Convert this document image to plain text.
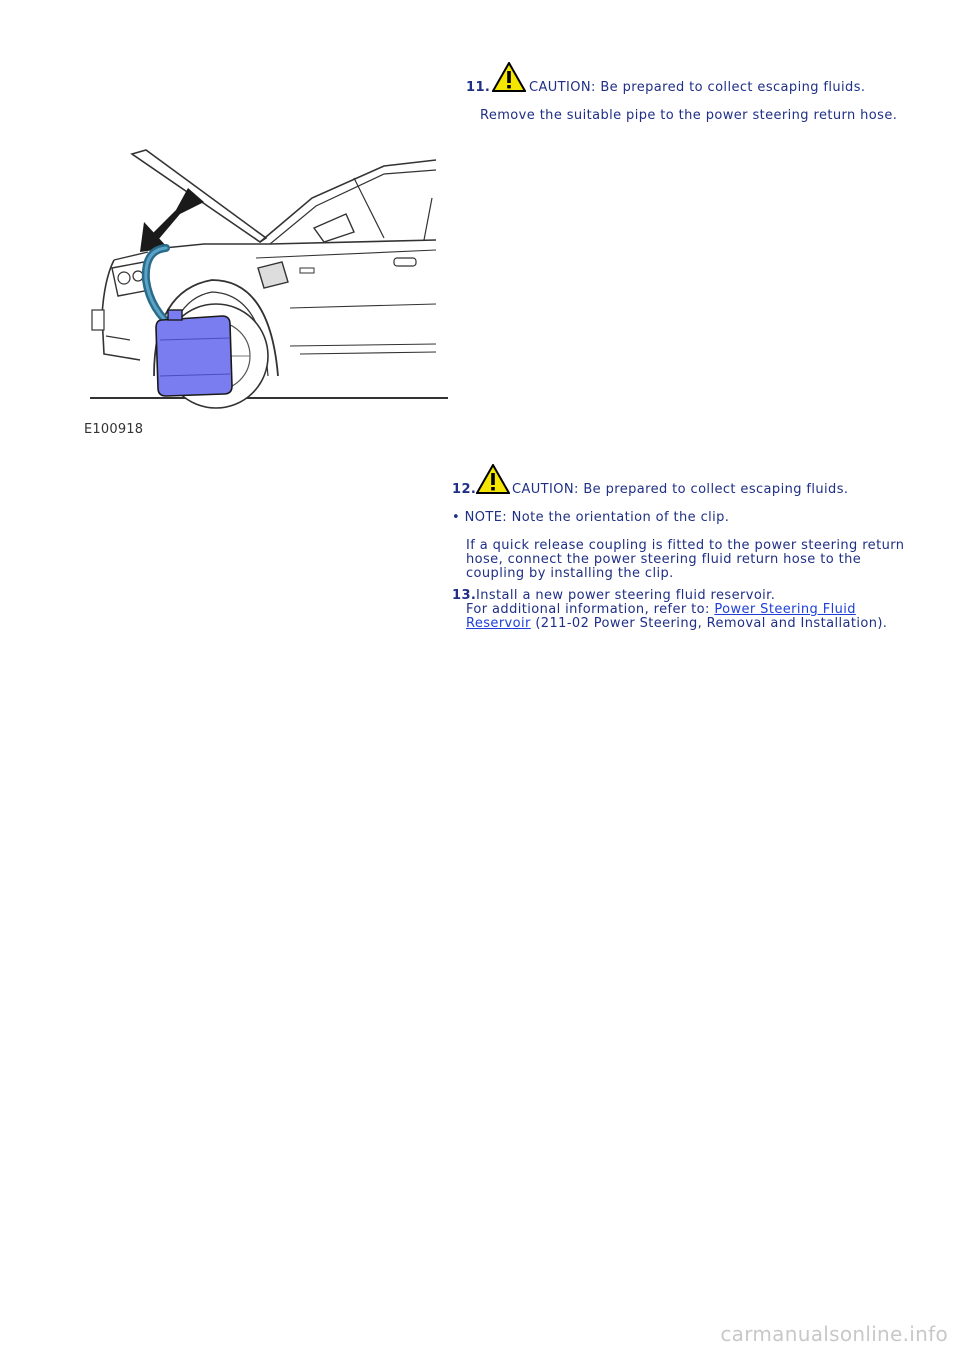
11.	CAUTION: Be prepared to collect escaping fluids.
Remove the suitable pipe to the power steering return hose.
E100918
12.	CAUTION: Be prepared to collect escaping fluids.
• NOTE: Note the orientation of the clip.
If a quick release coupling is fitted to the power steering return
hose, connect the power steering fluid return hose to the
coupling by installing the clip.
13. Install a new power steering fluid reservoir.
For additional information, refer to: Power Steering Fluid
Reservoir (211-02 Power Steering, Removal and Installation).
carmanualsonline.info
